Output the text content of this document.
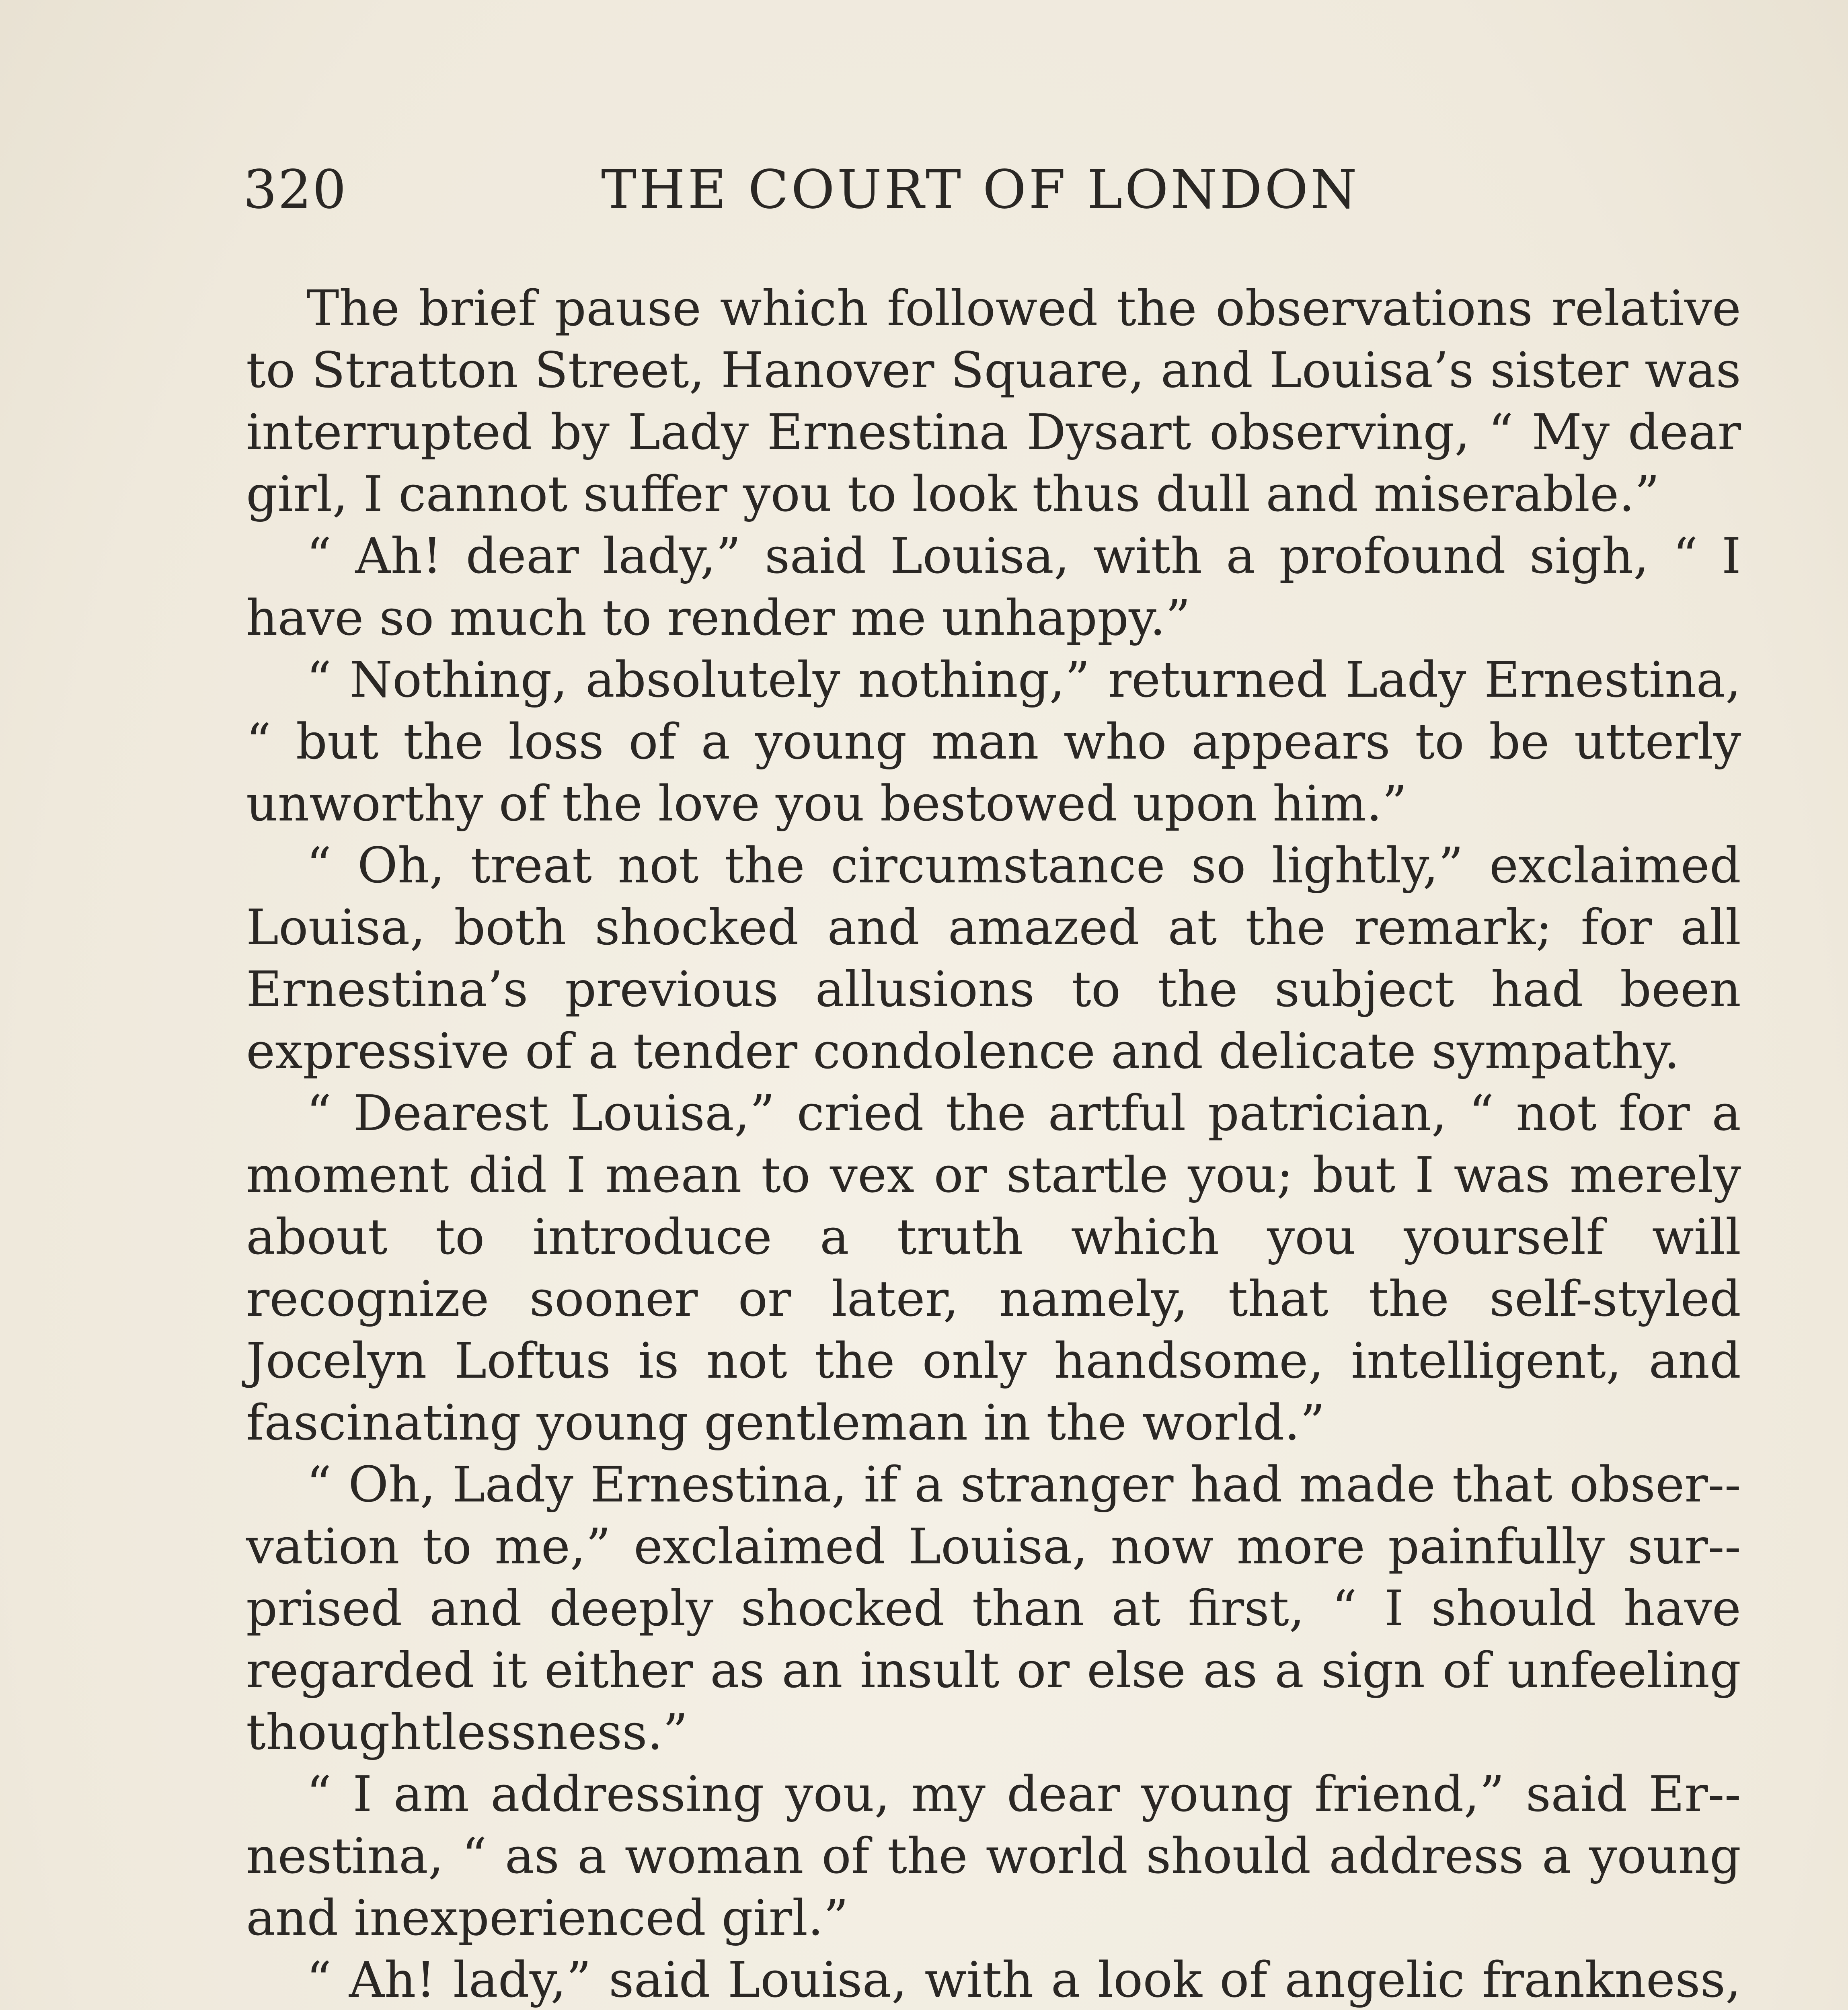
320	THE COURT OF LONDON

The brief pause which followed the observations relative to Stratton Street, Hanover Square, and Louisa’s sister was interrupted by Lady Ernestina Dysart observing, “ My dear girl, I cannot suffer you to look thus dull and miserable.”

“ Ah! dear lady,” said Louisa, with a profound sigh, “ I have so much to render me unhappy.”

“ Nothing, absolutely nothing,” returned Lady Ernestina, “ but the loss of a young man who appears to be utterly unworthy of the love you bestowed upon him.”

“ Oh, treat not the circumstance so lightly,” exclaimed Louisa, both shocked and amazed at the remark; for all Ernestina’s previous allusions to the subject had been expressive of a tender condolence and delicate sympathy.

“ Dearest Louisa,” cried the artful patrician, “ not for a moment did I mean to vex or startle you; but I was merely about to introduce a truth which you yourself will recognize sooner or later, namely, that the self-styled Jocelyn Loftus is not the only handsome, intelligent, and fascinating young gentleman in the world.”

“ Oh, Lady Ernestina, if a stranger had made that obser-vation to me,” exclaimed Louisa, now more painfully sur-prised and deeply shocked than at first, “ I should have regarded it either as an insult or else as a sign of unfeeling thoughtlessness.”

“ I am addressing you, my dear young friend,” said Er-nestina, “ as a woman of the world should address a young and inexperienced girl.”

“ Ah! lady,” said Louisa, with a look of angelic frankness,
